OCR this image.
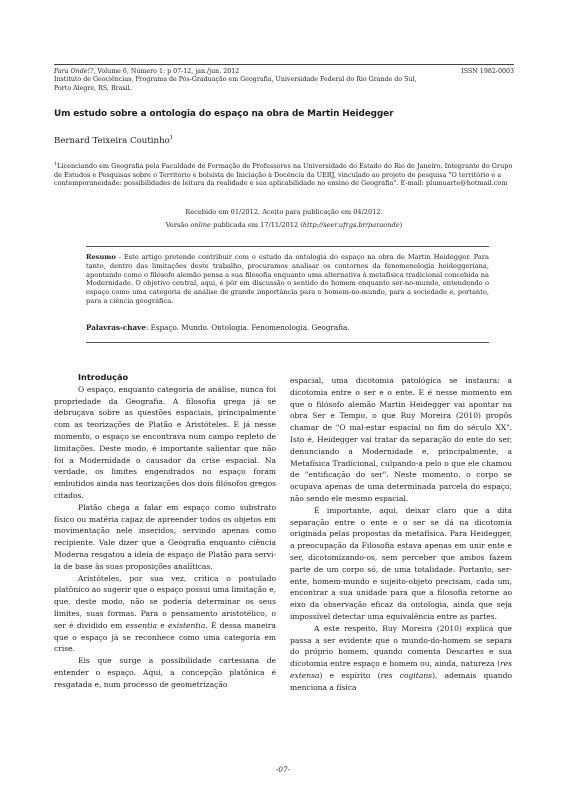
Para Onde!?, Volume 6, Número 1: p 07-12, jan./jun. 2012	ISSN 1982-0003
Instituto de Geociências, Programa de Pós-Graduação em Geografia, Universidade Federal do Rio Grande do Sul,
Porto Alegre, RS, Brasil.
Um estudo sobre a ontologia do espaço na obra de Martin Heidegger
Bernard Teixeira Coutinho$^1$
$^1$Licenciando em Geografia pela Faculdade de Formação de Professores na Universidade do Estado do Rio de Janeiro. Integrante do Grupo de Estudos e Pesquisas sobre o Território e bolsista de Iniciação à Docência da UERJ, vinculado ao projeto de pesquisa "O território e a contemporaneidade: possibilidades de leitura da realidade e sua aplicabilidade no ensino de Geografia". E-mail: plumuarte@hotmail.com
Recebido em 01/2012. Aceito para publicação em 04/2012.
Versão online publicada em 17/11/2012 (http://seer.ufrgs.br/paraonde)
Resumo - Este artigo pretende contribuir com o estudo da ontologia do espaço na obra de Martin Heidegger. Para tanto, dentro das limitações deste trabalho, procuramos analisar os contornos da fenomenologia heideggeriana, apontando como o filósofo alemão pensa a sua filosofia enquanto uma alternativa à metafísica tradicional concebida na Modernidade. O objetivo central, aqui, é pôr em discussão o sentido do homem enquanto ser-no-mundo, entendendo o espaço como uma categoria de análise de grande importância para o homem-no-mundo, para a sociedade e, portanto, para a ciência geográfica.
Palavras-chave: Espaço. Mundo. Ontologia. Fenomenologia. Geografia.

Introdução

O espaço, enquanto categoria de análise, nunca foi propriedade da Geografia. A filosofia grega já se debruçava sobre as questões espaciais, principalmente com as teorizações de Platão e Aristóteles. E já nesse momento, o espaço se encontrava num campo repleto de limitações. Deste modo, é importante salientar que não foi a Modernidade o causador da crise espacial. Na verdade, os limites engendrados no espaço foram embutidos ainda nas teorizações dos dois filósofos gregos citados.

Platão chega a falar em espaço como substrato físico ou matéria capaz de apreender todos os objetos em movimentação nele inseridos, servindo apenas como recipiente. Vale dizer que a Geografia enquanto ciência Moderna resgatou a ideia de espaço de Platão para servi-la de base às suas proposições analíticas.

Aristóteles, por sua vez, critica o postulado platônico ao sugerir que o espaço possui uma limitação e, que, deste modo, não se poderia determinar os seus limites, suas formas. Para o pensamento aristotélico, o ser é dividido em essentia e existentia. É dessa maneira que o espaço já se reconhece como uma categoria em crise.

Eis que surge a possibilidade cartesiana de entender o espaço. Aqui, a concepção platônica é resgatada e, num processo de geometrização

espacial, uma dicotomia patológica se instaura: a dicotomia entre o ser e o ente. E é nesse momento em que o filósofo alemão Martin Heidegger vai apontar na obra Ser e Tempo, o que Ruy Moreira (2010) propôs chamar de "O mal-estar espacial no fim do século XX". Isto é, Heidegger vai tratar da separação do ente do ser, denunciando a Modernidade e, principalmente, a Metafísica Tradicional, culpando-a pelo o que ele chamou de "entificação do ser". Neste momento, o corpo se ocupava apenas de uma determinada parcela do espaço, não sendo ele mesmo espacial.

É importante, aqui, deixar claro que a dita separação entre o ente e o ser se dá na dicotomia originada pelas propostas da metafísica. Para Heidegger, a preocupação da Filosofia estava apenas em unir ente e ser, dicotomizando-os, sem perceber que ambos fazem parte de um corpo só, de uma totalidade. Portanto, ser-ente, homem-mundo e sujeito-objeto precisam, cada um, encontrar a sua unidade para que a filosofia retorne ao eixo da observação eficaz da ontologia, ainda que seja impossível detectar uma equivalência entre as partes.

A este respeito, Ruy Moreira (2010) explica que passa a ser evidente que o mundo-do-homem se separa do próprio homem, quando comenta Descartes e sua dicotomia entre espaço e homem ou, ainda, natureza (res extensa) e espírito (res cogitans), ademais quando menciona a física

-07-
